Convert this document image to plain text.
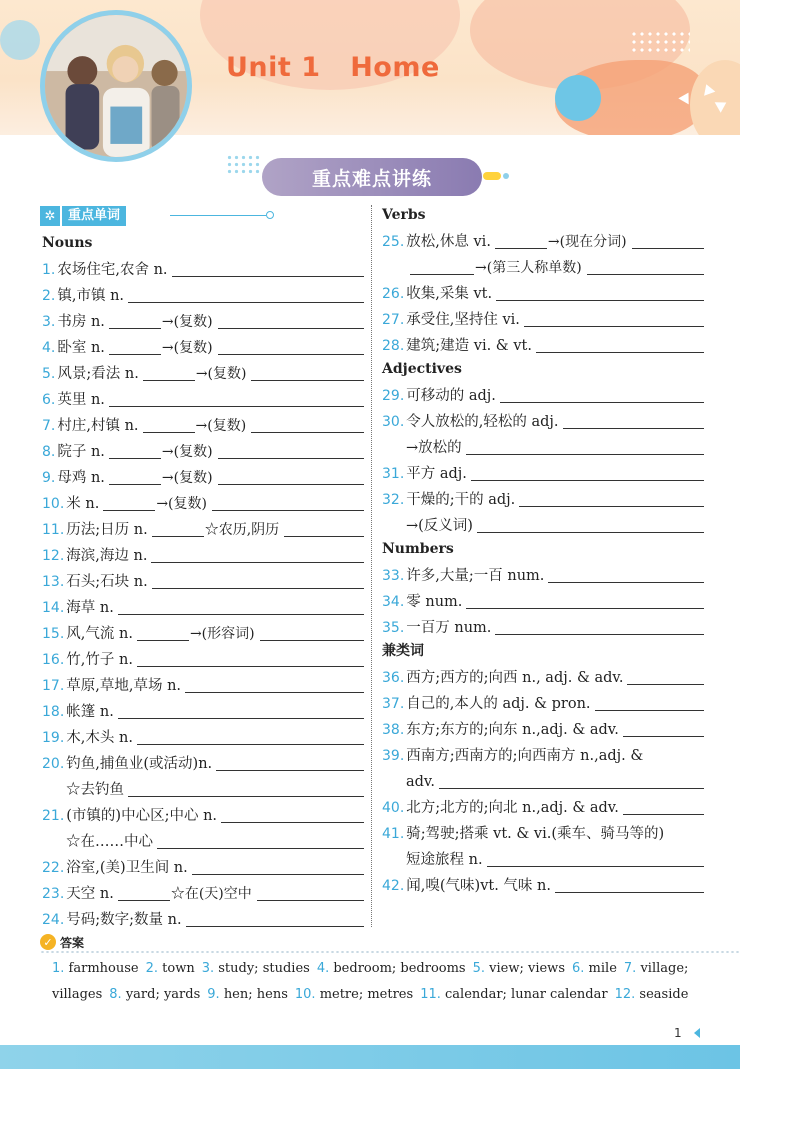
Unit 1   Home
重点难点讲练
✲ 重点单词
Nouns
1. 农场住宅,农舍 n.
2. 镇,市镇 n.
3. 书房 n.	→(复数)
4. 卧室 n.	→(复数)
5. 风景;看法 n.	→(复数)
6. 英里 n.
7. 村庄,村镇 n.	→(复数)
8. 院子 n.	→(复数)
9. 母鸡 n.	→(复数)
10. 米 n.	→(复数)
11. 历法;日历 n.	☆农历,阴历
12. 海滨,海边 n.
13. 石头;石块 n.
14. 海草 n.
15. 风,气流 n.	→(形容词)
16. 竹,竹子 n.
17. 草原,草地,草场 n.
18. 帐篷 n.
19. 木,木头 n.
20. 钓鱼,捕鱼业(或活动)n.
☆去钓鱼
21. (市镇的)中心区;中心 n.
☆在……中心
22. 浴室,(美)卫生间 n.
23. 天空 n.	☆在(天)空中
24. 号码;数字;数量 n.
Verbs
25. 放松,休息 vi.	→(现在分词)
→(第三人称单数)
26. 收集,采集 vt.
27. 承受住,坚持住 vi.
28. 建筑;建造 vi. & vt.
Adjectives
29. 可移动的 adj.
30. 令人放松的,轻松的 adj.
→放松的
31. 平方 adj.
32. 干燥的;干的 adj.
→(反义词)
Numbers
33. 许多,大量;一百 num.
34. 零 num.
35. 一百万 num.
兼类词
36. 西方;西方的;向西 n., adj. & adv.
37. 自己的,本人的 adj. & pron.
38. 东方;东方的;向东 n.,adj. & adv.
39. 西南方;西南方的;向西南方 n.,adj. &
adv.
40. 北方;北方的;向北 n.,adj. & adv.
41. 骑;驾驶;搭乘 vt. & vi.(乘车、骑马等的)
短途旅程 n.
42. 闻,嗅(气味)vt. 气味 n.
✓ 答案
1. farmhouse 2. town 3. study; studies 4. bedroom; bedrooms 5. view; views 6. mile 7. village; villages 8. yard; yards 9. hen; hens 10. metre; metres 11. calendar; lunar calendar 12. seaside
1
